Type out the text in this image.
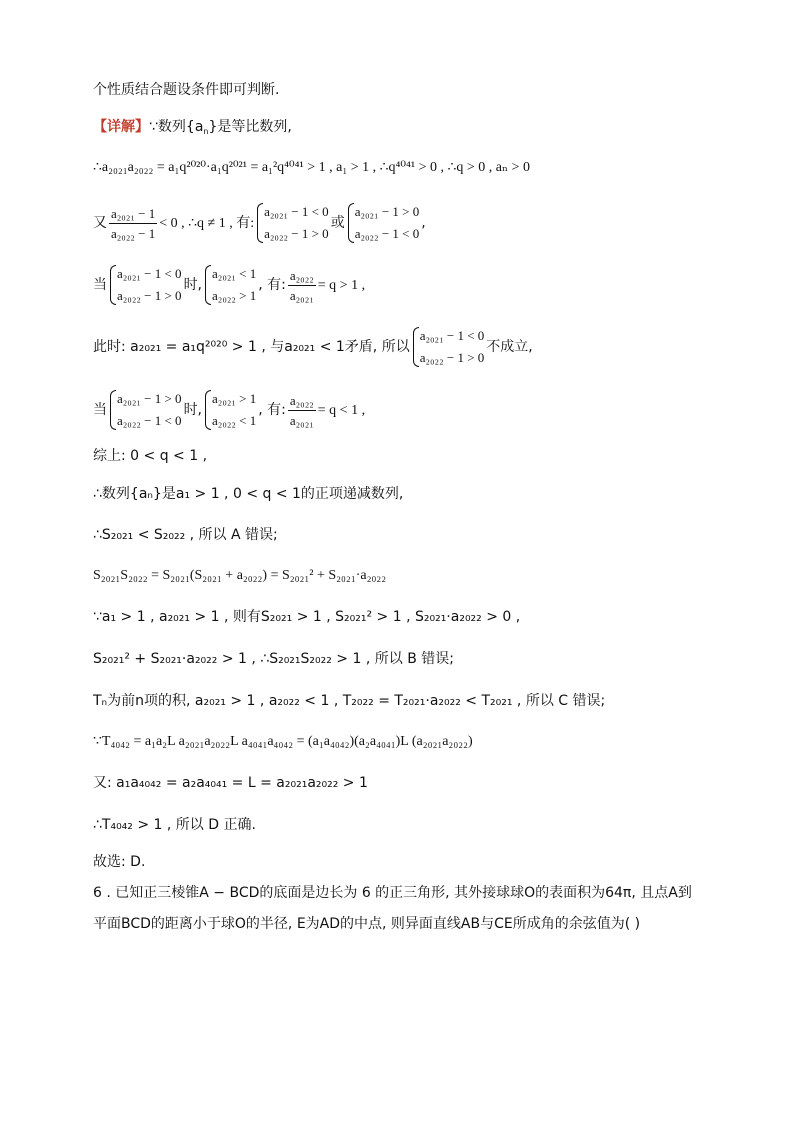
个性质结合题设条件即可判断.
【详解】∵数列$\{a_n\}$是等比数列,
∴a₂₀₂₁a₂₀₂₂ = a₁q²⁰²⁰·a₁q²⁰²¹ = a₁²q⁴⁰⁴¹ > 1 , a₁ > 1 , ∴q⁴⁰⁴¹ > 0 , ∴q > 0 , aₙ > 0
又 $\frac{\text{a₂₀₂₁ − 1}}{\text{a₂₀₂₂ − 1}} < 0$ , ∴q ≠ 1 , 有:
a₂₀₂₁ − 1 < 0
a₂₀₂₂ − 1 > 0
或
a₂₀₂₁ − 1 > 0
a₂₀₂₂ − 1 < 0
,
当
a₂₀₂₁ − 1 < 0
a₂₀₂₂ − 1 > 0
时,
a₂₀₂₁ < 1
a₂₀₂₂ > 1
, 有: $\frac{\text{a₂₀₂₂}}{\text{a₂₀₂₁}} = q > 1$ ,
此时: a₂₀₂₁ = a₁q²⁰²⁰ > 1 , 与a₂₀₂₁ < 1矛盾, 所以
a₂₀₂₁ − 1 < 0
a₂₀₂₂ − 1 > 0
不成立,
当
a₂₀₂₁ − 1 > 0
a₂₀₂₂ − 1 < 0
时,
a₂₀₂₁ > 1
a₂₀₂₂ < 1
, 有: $\frac{\text{a₂₀₂₂}}{\text{a₂₀₂₁}} = q < 1$ ,
综上: 0 < q < 1 ,
∴数列{aₙ}是a₁ > 1 , 0 < q < 1的正项递减数列,
∴S₂₀₂₁ < S₂₀₂₂ , 所以 A 错误;
S₂₀₂₁S₂₀₂₂ = S₂₀₂₁(S₂₀₂₁ + a₂₀₂₂) = S₂₀₂₁² + S₂₀₂₁·a₂₀₂₂
∵a₁ > 1 , a₂₀₂₁ > 1 , 则有S₂₀₂₁ > 1 , S₂₀₂₁² > 1 , S₂₀₂₁·a₂₀₂₂ > 0 ,
S₂₀₂₁² + S₂₀₂₁·a₂₀₂₂ > 1 , ∴S₂₀₂₁S₂₀₂₂ > 1 , 所以 B 错误;
Tₙ为前n项的积, a₂₀₂₁ > 1 , a₂₀₂₂ < 1 , T₂₀₂₂ = T₂₀₂₁·a₂₀₂₂ < T₂₀₂₁ , 所以 C 错误;
∵T₄₀₄₂ = a₁a₂L a₂₀₂₁a₂₀₂₂L a₄₀₄₁a₄₀₄₂ = (a₁a₄₀₄₂)(a₂a₄₀₄₁)L (a₂₀₂₁a₂₀₂₂)
又: a₁a₄₀₄₂ = a₂a₄₀₄₁ = L = a₂₀₂₁a₂₀₂₂ > 1
∴T₄₀₄₂ > 1 , 所以 D 正确.
故选: D.
6 . 已知正三棱锥A − BCD的底面是边长为 6 的正三角形, 其外接球球O的表面积为64π, 且点A到
平面BCD的距离小于球O的半径, E为AD的中点, 则异面直线AB与CE所成角的余弦值为( )
